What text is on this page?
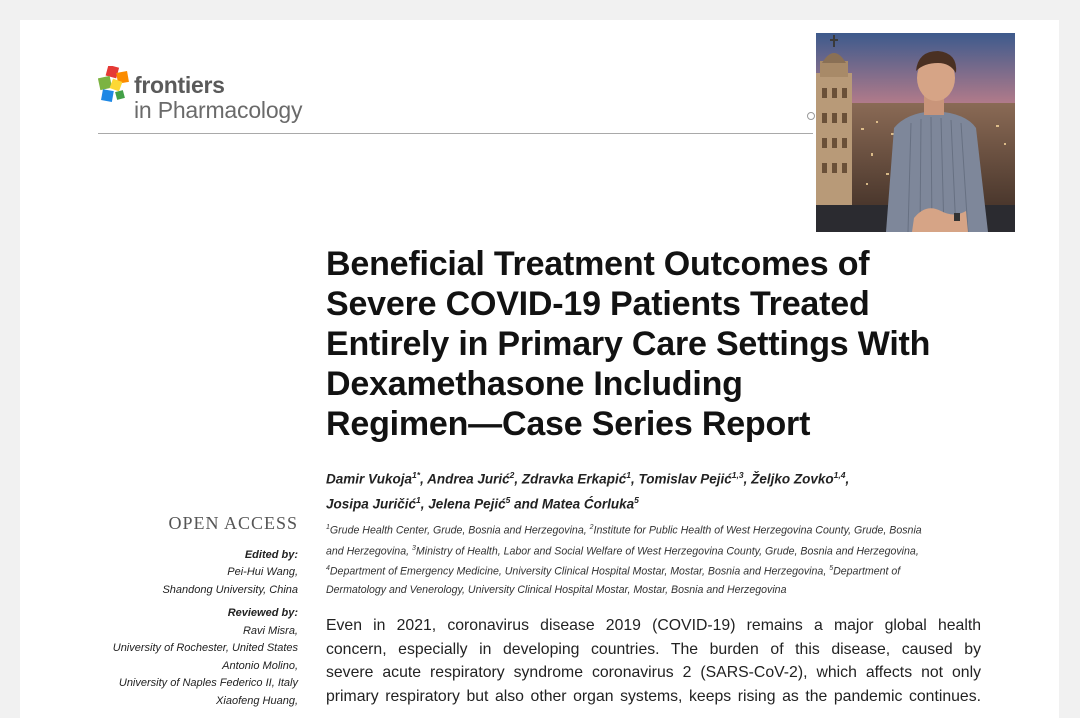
frontiers
in Pharmacology
Beneficial Treatment Outcomes of
Severe COVID-19 Patients Treated
Entirely in Primary Care Settings With
Dexamethasone Including
Regimen—Case Series Report
Damir Vukoja$^{1*}$, Andrea Jurić$^2$, Zdravka Erkapić$^1$, Tomislav Pejić$^{1,3}$, Željko Zovko$^{1,4}$,
Josipa Juričić$^1$, Jelena Pejić$^5$ and Matea Ćorluka$^5$
$^1$Grude Health Center, Grude, Bosnia and Herzegovina, $^2$Institute for Public Health of West Herzegovina County, Grude, Bosnia
and Herzegovina, $^3$Ministry of Health, Labor and Social Welfare of West Herzegovina County, Grude, Bosnia and Herzegovina,
$^4$Department of Emergency Medicine, University Clinical Hospital Mostar, Mostar, Bosnia and Herzegovina, $^5$Department of
Dermatology and Venerology, University Clinical Hospital Mostar, Mostar, Bosnia and Herzegovina
OPEN ACCESS
Edited by:
Pei-Hui Wang,
Shandong University, China
Reviewed by:
Ravi Misra,
University of Rochester, United States
Antonio Molino,
University of Naples Federico II, Italy
Xiaofeng Huang,
Even in 2021, coronavirus disease 2019 (COVID-19) remains a major global health
concern, especially in developing countries. The burden of this disease, caused by
severe acute respiratory syndrome coronavirus 2 (SARS-CoV-2), which affects not only
primary respiratory but also other organ systems, keeps rising as the pandemic continues.
